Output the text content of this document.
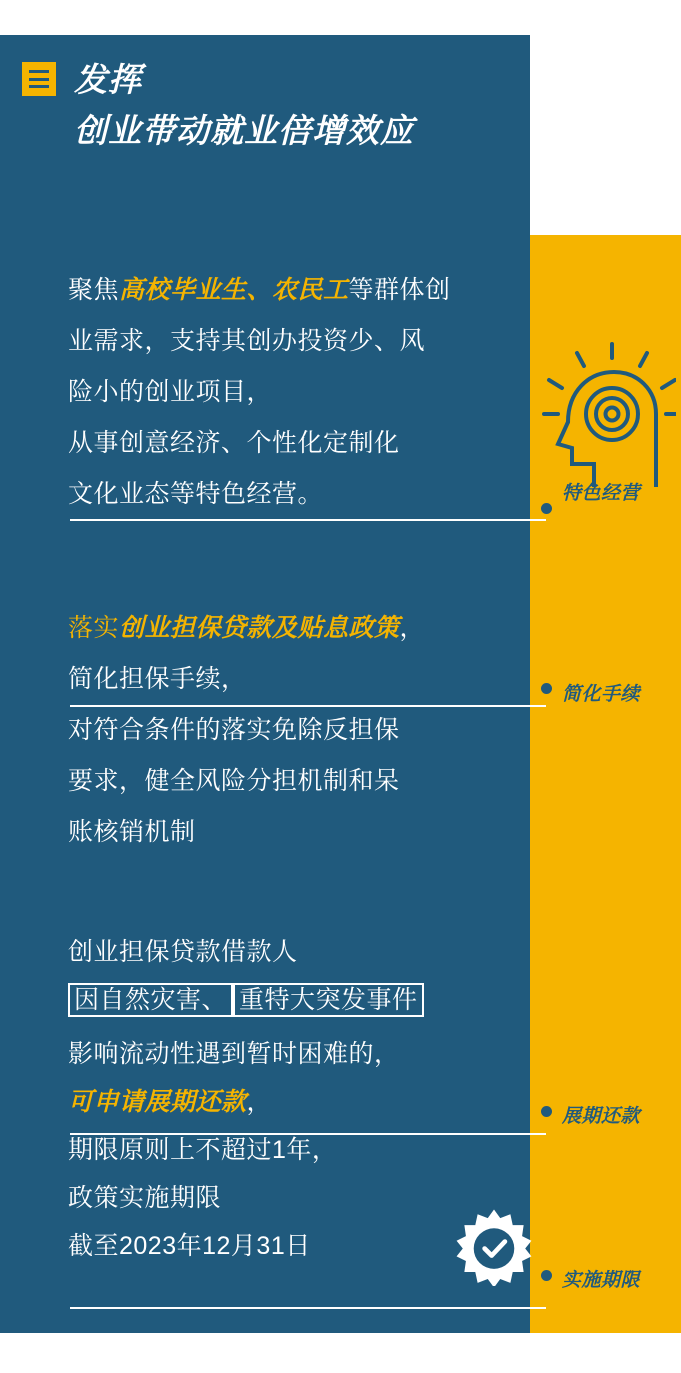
发挥
创业带动就业倍增效应
聚焦高校毕业生、农民工等群体创
业需求，支持其创办投资少、风
险小的创业项目，
从事创意经济、个性化定制化
文化业态等特色经营。
落实创业担保贷款及贴息政策，
简化担保手续，
对符合条件的落实免除反担保
要求，健全风险分担机制和呆
账核销机制
创业担保贷款借款人
因自然灾害、 重特大突发事件
影响流动性遇到暂时困难的，
可申请展期还款，
期限原则上不超过1年，
政策实施期限
截至2023年12月31日
特色经营
简化手续
展期还款
实施期限
